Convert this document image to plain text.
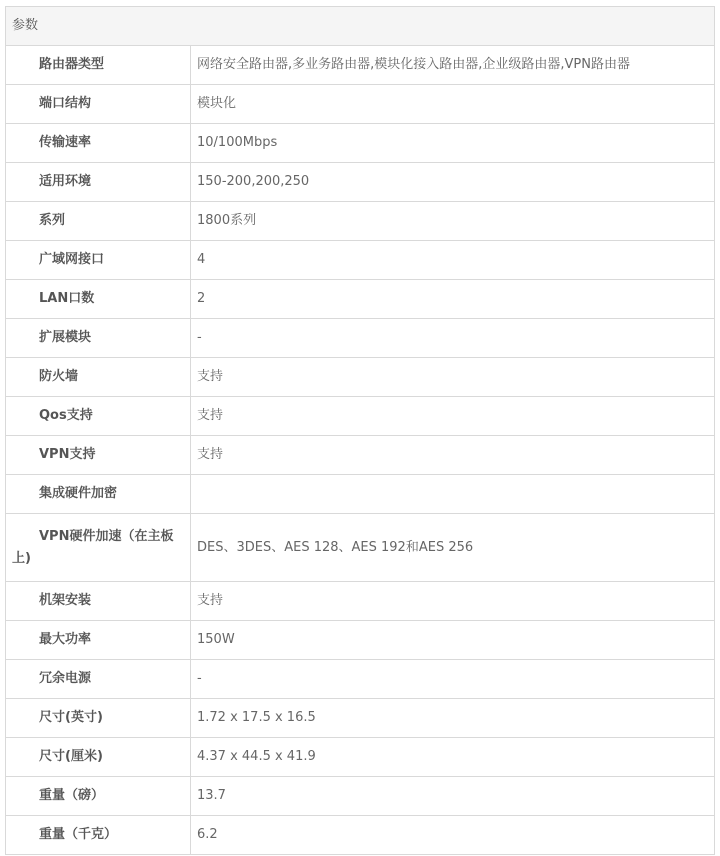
参数	
路由器类型	网络安全路由器,多业务路由器,模块化接入路由器,企业级路由器,VPN路由器
端口结构	模块化
传输速率	10/100Mbps
适用环境	150-200,200,250
系列	1800系列
广域网接口	4
LAN口数	2
扩展模块	-
防火墙	支持
Qos支持	支持
VPN支持	支持
集成硬件加密	
VPN硬件加速（在主板上)	DES、3DES、AES 128、AES 192和AES 256
机架安装	支持
最大功率	150W
冗余电源	-
尺寸(英寸)	1.72 x 17.5 x 16.5
尺寸(厘米)	4.37 x 44.5 x 41.9
重量（磅）	13.7
重量（千克）	6.2
